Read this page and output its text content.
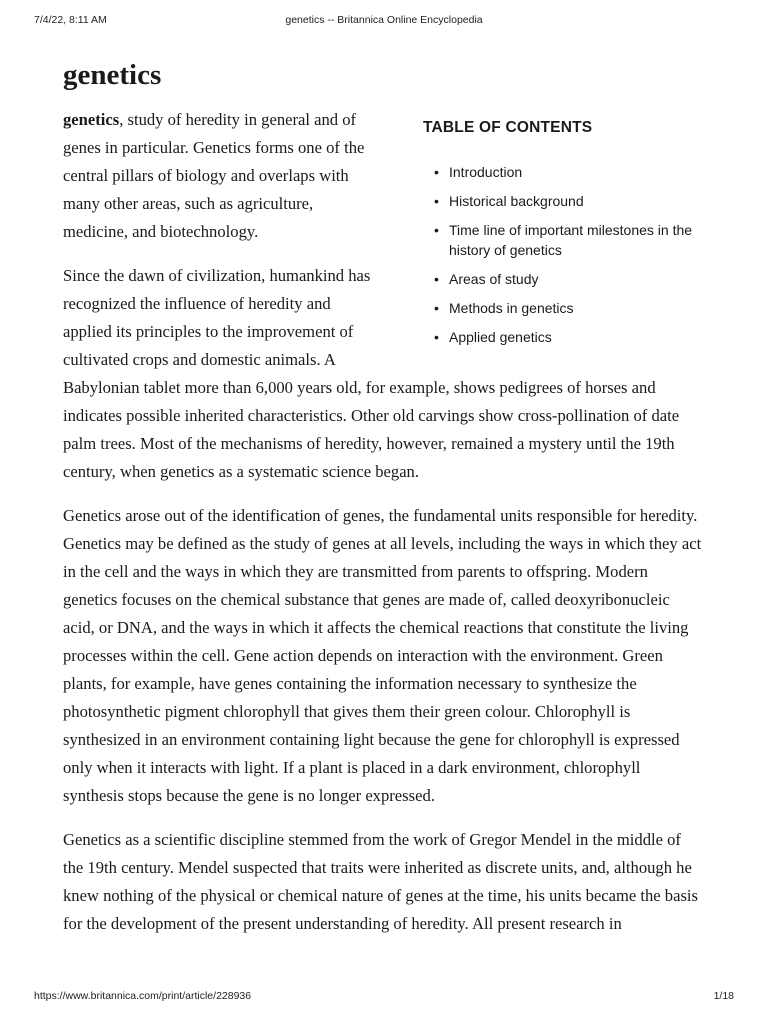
7/4/22, 8:11 AM	genetics -- Britannica Online Encyclopedia
genetics
TABLE OF CONTENTS
• Introduction
• Historical background
• Time line of important milestones in the history of genetics
• Areas of study
• Methods in genetics
• Applied genetics

genetics, study of heredity in general and of genes in particular. Genetics forms one of the central pillars of biology and overlaps with many other areas, such as agriculture, medicine, and biotechnology.

Since the dawn of civilization, humankind has recognized the influence of heredity and applied its principles to the improvement of cultivated crops and domestic animals. A Babylonian tablet more than 6,000 years old, for example, shows pedigrees of horses and indicates possible inherited characteristics. Other old carvings show cross-pollination of date palm trees. Most of the mechanisms of heredity, however, remained a mystery until the 19th century, when genetics as a systematic science began.

Genetics arose out of the identification of genes, the fundamental units responsible for heredity. Genetics may be defined as the study of genes at all levels, including the ways in which they act in the cell and the ways in which they are transmitted from parents to offspring. Modern genetics focuses on the chemical substance that genes are made of, called deoxyribonucleic acid, or DNA, and the ways in which it affects the chemical reactions that constitute the living processes within the cell. Gene action depends on interaction with the environment. Green plants, for example, have genes containing the information necessary to synthesize the photosynthetic pigment chlorophyll that gives them their green colour. Chlorophyll is synthesized in an environment containing light because the gene for chlorophyll is expressed only when it interacts with light. If a plant is placed in a dark environment, chlorophyll synthesis stops because the gene is no longer expressed.

Genetics as a scientific discipline stemmed from the work of Gregor Mendel in the middle of the 19th century. Mendel suspected that traits were inherited as discrete units, and, although he knew nothing of the physical or chemical nature of genes at the time, his units became the basis for the development of the present understanding of heredity. All present research in

https://www.britannica.com/print/article/228936	1/18
